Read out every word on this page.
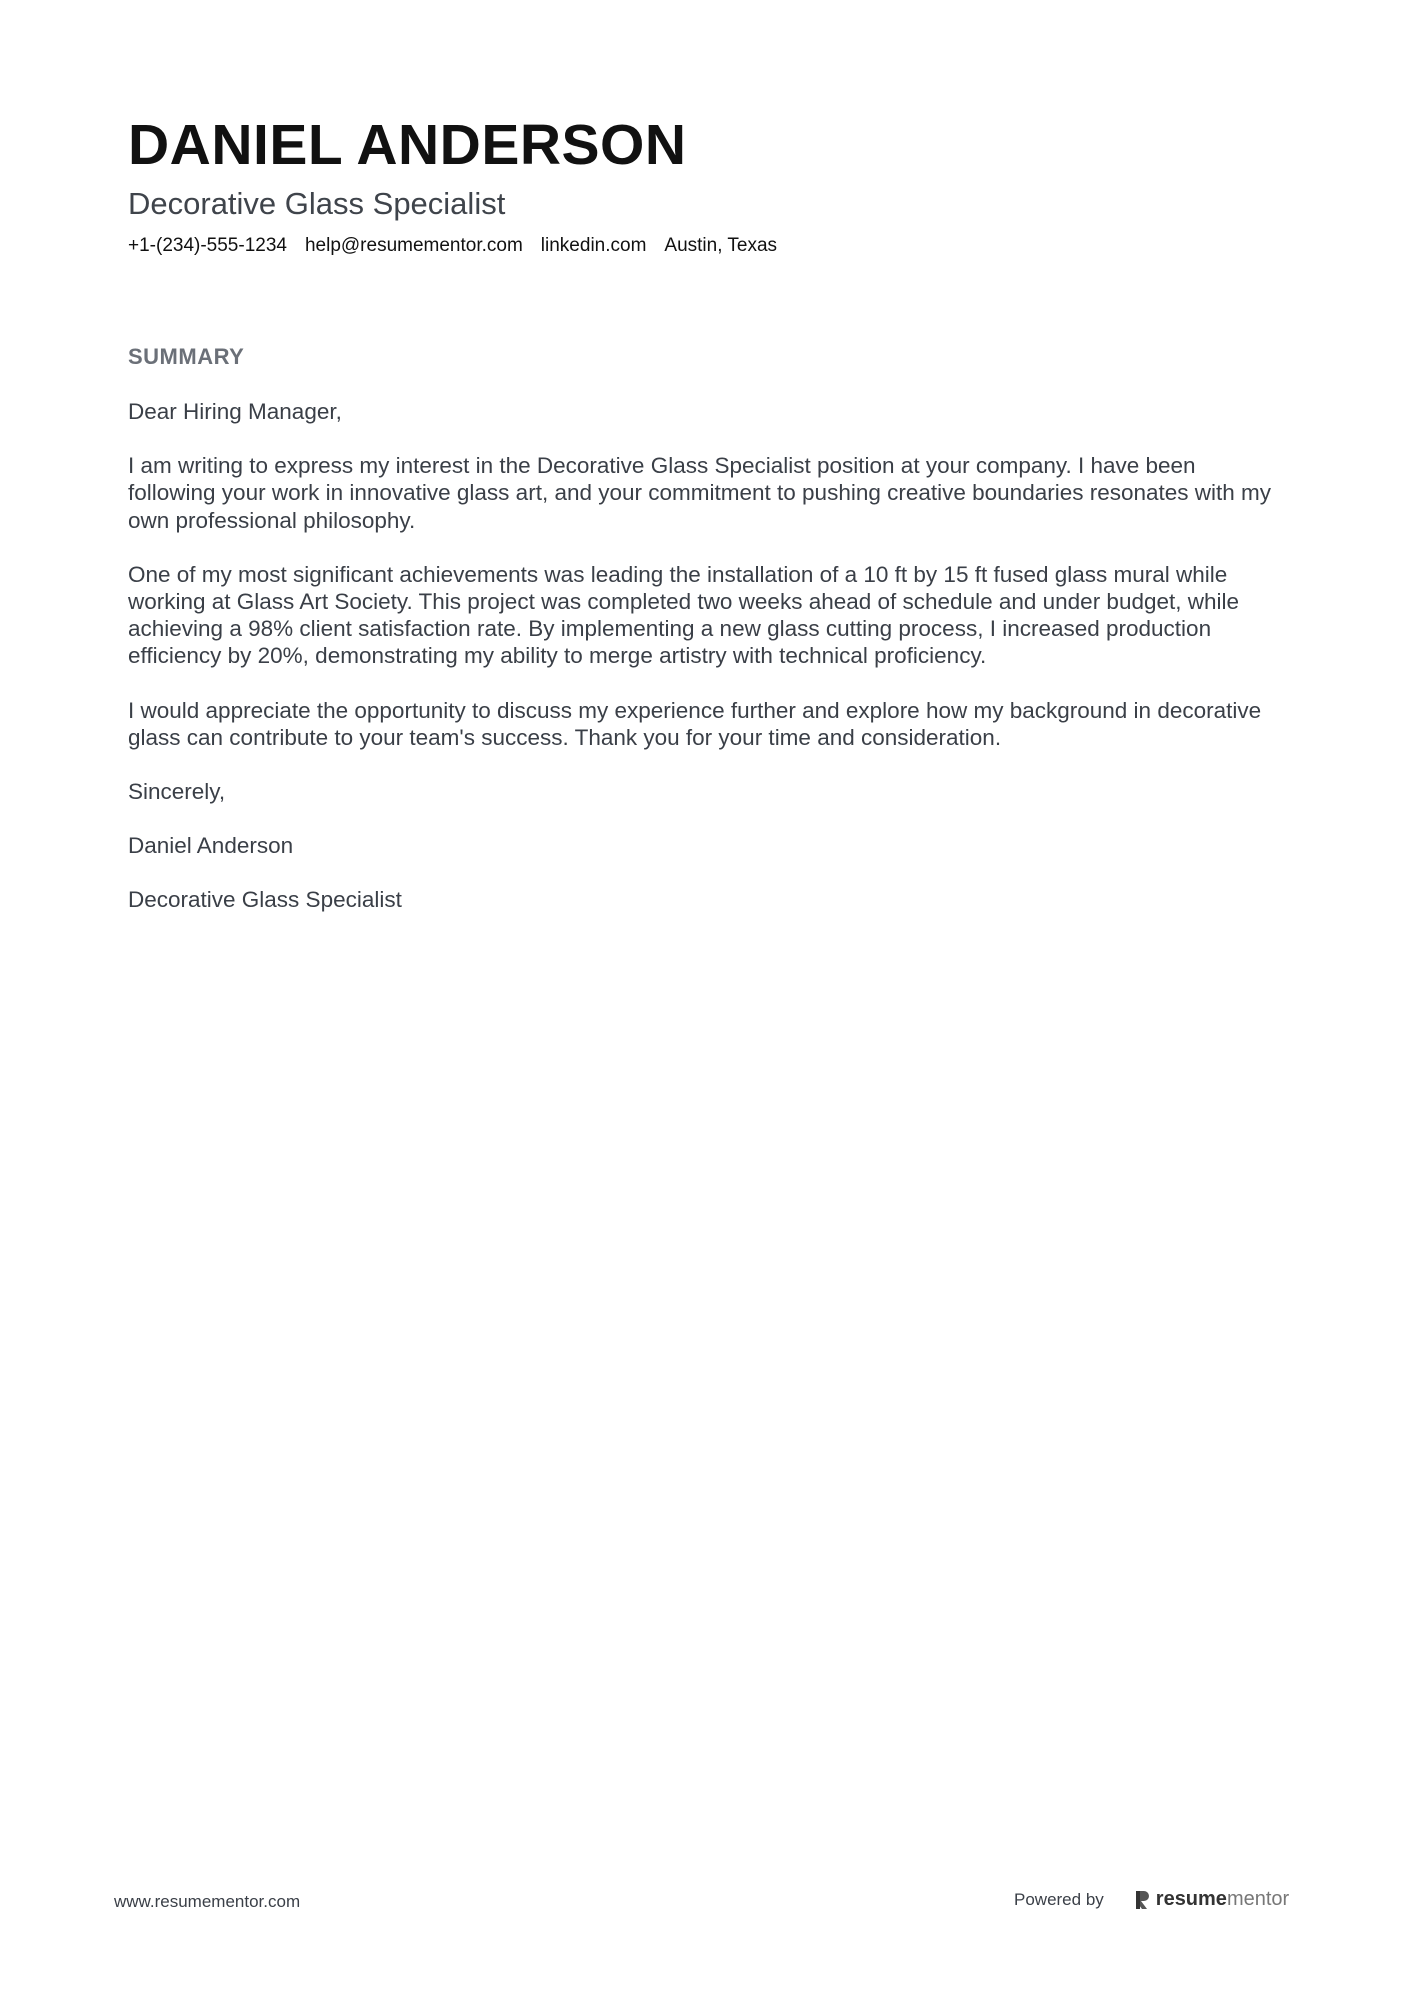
DANIEL ANDERSON
Decorative Glass Specialist
+1-(234)-555-1234 help@resumementor.com linkedin.com Austin, Texas
SUMMARY

Dear Hiring Manager,

I am writing to express my interest in the Decorative Glass Specialist position at your company. I have been following your work in innovative glass art, and your commitment to pushing creative boundaries resonates with my own professional philosophy.

One of my most significant achievements was leading the installation of a 10 ft by 15 ft fused glass mural while working at Glass Art Society. This project was completed two weeks ahead of schedule and under budget, while achieving a 98% client satisfaction rate. By implementing a new glass cutting process, I increased production efficiency by 20%, demonstrating my ability to merge artistry with technical proficiency.

I would appreciate the opportunity to discuss my experience further and explore how my background in decorative glass can contribute to your team's success. Thank you for your time and consideration.

Sincerely,

Daniel Anderson

Decorative Glass Specialist

www.resumementor.com	Powered by	resumementor
